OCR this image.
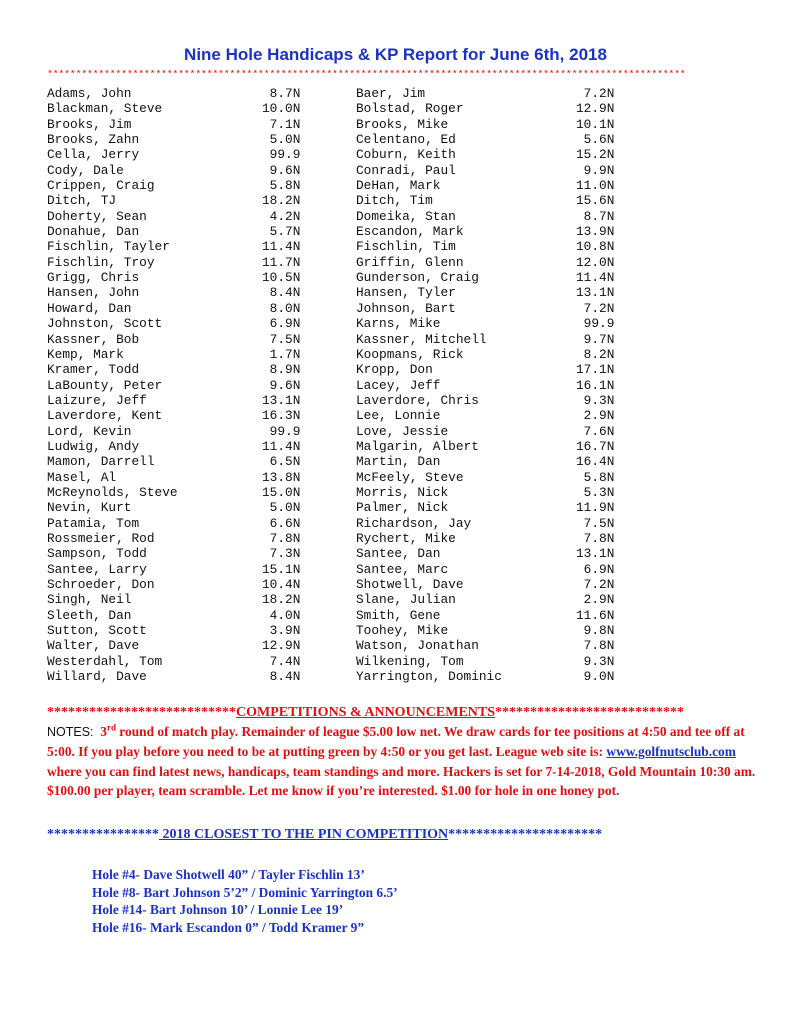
Nine Hole Handicaps & KP Report for June 6th, 2018
****************************************************************************************************************
Adams, John	8.7N
Blackman, Steve	10.0N
Brooks, Jim	7.1N
Brooks, Zahn	5.0N
Cella, Jerry	99.9
Cody, Dale	9.6N
Crippen, Craig	5.8N
Ditch, TJ	18.2N
Doherty, Sean	4.2N
Donahue, Dan	5.7N
Fischlin, Tayler	11.4N
Fischlin, Troy	11.7N
Grigg, Chris	10.5N
Hansen, John	8.4N
Howard, Dan	8.0N
Johnston, Scott	6.9N
Kassner, Bob	7.5N
Kemp, Mark	1.7N
Kramer, Todd	8.9N
LaBounty, Peter	9.6N
Laizure, Jeff	13.1N
Laverdore, Kent	16.3N
Lord, Kevin	99.9
Ludwig, Andy	11.4N
Mamon, Darrell	6.5N
Masel, Al	13.8N
McReynolds, Steve	15.0N
Nevin, Kurt	5.0N
Patamia, Tom	6.6N
Rossmeier, Rod	7.8N
Sampson, Todd	7.3N
Santee, Larry	15.1N
Schroeder, Don	10.4N
Singh, Neil	18.2N
Sleeth, Dan	4.0N
Sutton, Scott	3.9N
Walter, Dave	12.9N
Westerdahl, Tom	7.4N
Willard, Dave	8.4N
Baer, Jim	7.2N
Bolstad, Roger	12.9N
Brooks, Mike	10.1N
Celentano, Ed	5.6N
Coburn, Keith	15.2N
Conradi, Paul	9.9N
DeHan, Mark	11.0N
Ditch, Tim	15.6N
Domeika, Stan	8.7N
Escandon, Mark	13.9N
Fischlin, Tim	10.8N
Griffin, Glenn	12.0N
Gunderson, Craig	11.4N
Hansen, Tyler	13.1N
Johnson, Bart	7.2N
Karns, Mike	99.9
Kassner, Mitchell	9.7N
Koopmans, Rick	8.2N
Kropp, Don	17.1N
Lacey, Jeff	16.1N
Laverdore, Chris	9.3N
Lee, Lonnie	2.9N
Love, Jessie	7.6N
Malgarin, Albert	16.7N
Martin, Dan	16.4N
McFeely, Steve	5.8N
Morris, Nick	5.3N
Palmer, Nick	11.9N
Richardson, Jay	7.5N
Rychert, Mike	7.8N
Santee, Dan	13.1N
Santee, Marc	6.9N
Shotwell, Dave	7.2N
Slane, Julian	2.9N
Smith, Gene	11.6N
Toohey, Mike	9.8N
Watson, Jonathan	7.8N
Wilkening, Tom	9.3N
Yarrington, Dominic	9.0N
***************************COMPETITIONS & ANNOUNCEMENTS***************************
NOTES: 3rd round of match play. Remainder of league $5.00 low net. We draw cards for tee positions at 4:50 and tee off at 5:00. If you play before you need to be at putting green by 4:50 or you get last. League web site is: www.golfnutsclub.com where you can find latest news, handicaps, team standings and more. Hackers is set for 7-14-2018, Gold Mountain 10:30 am. $100.00 per player, team scramble. Let me know if you’re interested. $1.00 for hole in one honey pot.
**************** 2018 CLOSEST TO THE PIN COMPETITION**********************
Hole #4- Dave Shotwell 40” / Tayler Fischlin 13’
Hole #8- Bart Johnson 5’2” / Dominic Yarrington 6.5’
Hole #14- Bart Johnson 10’ / Lonnie Lee 19’
Hole #16- Mark Escandon 0” / Todd Kramer 9”
